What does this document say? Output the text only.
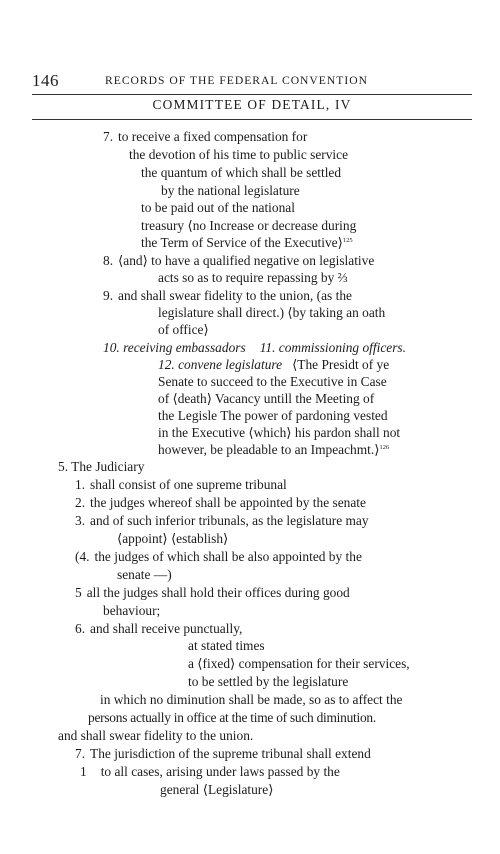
146	RECORDS OF THE FEDERAL CONVENTION
COMMITTEE OF DETAIL, IV
7. to receive a fixed compensation for
the devotion of his time to public service
the quantum of which shall be settled
by the national legislature
to be paid out of the national
treasury ⟨no Increase or decrease during
the Term of Service of the Executive⟩$^{125}$
8. ⟨and⟩ to have a qualified negative on legislative
acts so as to require repassing by ⅔
9. and shall swear fidelity to the union, (as the
legislature shall direct.) ⟨by taking an oath
of office⟩
10. receiving embassadors 11. commissioning officers.
12. convene legislature ⟨The Presidt of ye
Senate to succeed to the Executive in Case
of ⟨death⟩ Vacancy untill the Meeting of
the Legisle The power of pardoning vested
in the Executive ⟨which⟩ his pardon shall not
however, be pleadable to an Impeachmt.⟩$^{126}$
5. The Judiciary
1. shall consist of one supreme tribunal
2. the judges whereof shall be appointed by the senate
3. and of such inferior tribunals, as the legislature may
⟨appoint⟩ ⟨establish⟩
(4. the judges of which shall be also appointed by the
senate —)
5 all the judges shall hold their offices during good
behaviour;
6. and shall receive punctually,
at stated times
a ⟨fixed⟩ compensation for their services,
to be settled by the legislature
in which no diminution shall be made, so as to affect the
persons actually in office at the time of such diminution.
and shall swear fidelity to the union.
7. The jurisdiction of the supreme tribunal shall extend
1 to all cases, arising under laws passed by the
general ⟨Legislature⟩
